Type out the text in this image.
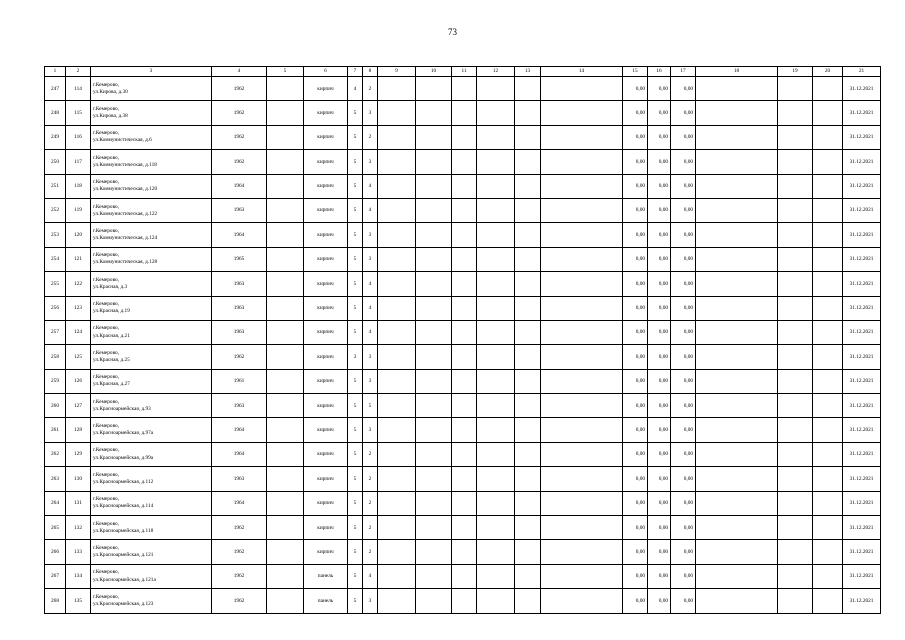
73
1	2	3	4	5	6	7	8	9	10	11	12	13	14	15	16	17	18	19	20	21
247	114	г.Кемерово,
ул.Кирова, д.30	1962		кирпич	4	2							0,00	0,00	0,00				31.12.2021
248	115	г.Кемерово,
ул.Кирова, д.38	1962		кирпич	5	3							0,00	0,00	0,00				31.12.2021
249	116	г.Кемерово,
ул.Коммунистическая, д.6	1962		кирпич	5	2							0,00	0,00	0,00				31.12.2021
250	117	г.Кемерово,
ул.Коммунистическая, д.118	1962		кирпич	5	3							0,00	0,00	0,00				31.12.2021
251	118	г.Кемерово,
ул.Коммунистическая, д.120	1964		кирпич	5	4							0,00	0,00	0,00				31.12.2021
252	119	г.Кемерово,
ул.Коммунистическая, д.122	1963		кирпич	5	4							0,00	0,00	0,00				31.12.2021
253	120	г.Кемерово,
ул.Коммунистическая, д.124	1964		кирпич	5	3							0,00	0,00	0,00				31.12.2021
254	121	г.Кемерово,
ул.Коммунистическая, д.128	1965		кирпич	5	3							0,00	0,00	0,00				31.12.2021
255	122	г.Кемерово,
ул.Красная, д.3	1963		кирпич	5	4							0,00	0,00	0,00				31.12.2021
256	123	г.Кемерово,
ул.Красная, д.19	1963		кирпич	5	4							0,00	0,00	0,00				31.12.2021
257	124	г.Кемерово,
ул.Красная, д.21	1963		кирпич	5	4							0,00	0,00	0,00				31.12.2021
258	125	г.Кемерово,
ул.Красная, д.25	1962		кирпич	3	3							0,00	0,00	0,00				31.12.2021
259	126	г.Кемерово,
ул.Красная, д.27	1961		кирпич	5	3							0,00	0,00	0,00				31.12.2021
260	127	г.Кемерово,
ул.Красноармейская, д.93	1963		кирпич	5	5							0,00	0,00	0,00				31.12.2021
261	128	г.Кемерово,
ул.Красноармейская, д.97а	1964		кирпич	5	3							0,00	0,00	0,00				31.12.2021
262	129	г.Кемерово,
ул.Красноармейская, д.99а	1964		кирпич	5	2							0,00	0,00	0,00				31.12.2021
263	130	г.Кемерово,
ул.Красноармейская, д.112	1963		кирпич	5	2							0,00	0,00	0,00				31.12.2021
264	131	г.Кемерово,
ул.Красноармейская, д.114	1964		кирпич	5	2							0,00	0,00	0,00				31.12.2021
265	132	г.Кемерово,
ул.Красноармейская, д.118	1962		кирпич	5	2							0,00	0,00	0,00				31.12.2021
266	133	г.Кемерово,
ул.Красноармейская, д.121	1962		кирпич	5	2							0,00	0,00	0,00				31.12.2021
267	134	г.Кемерово,
ул.Красноармейская, д.121а	1962		панель	5	4							0,00	0,00	0,00				31.12.2021
268	135	г.Кемерово,
ул.Красноармейская, д.123	1962		панель	5	3							0,00	0,00	0,00				31.12.2021
